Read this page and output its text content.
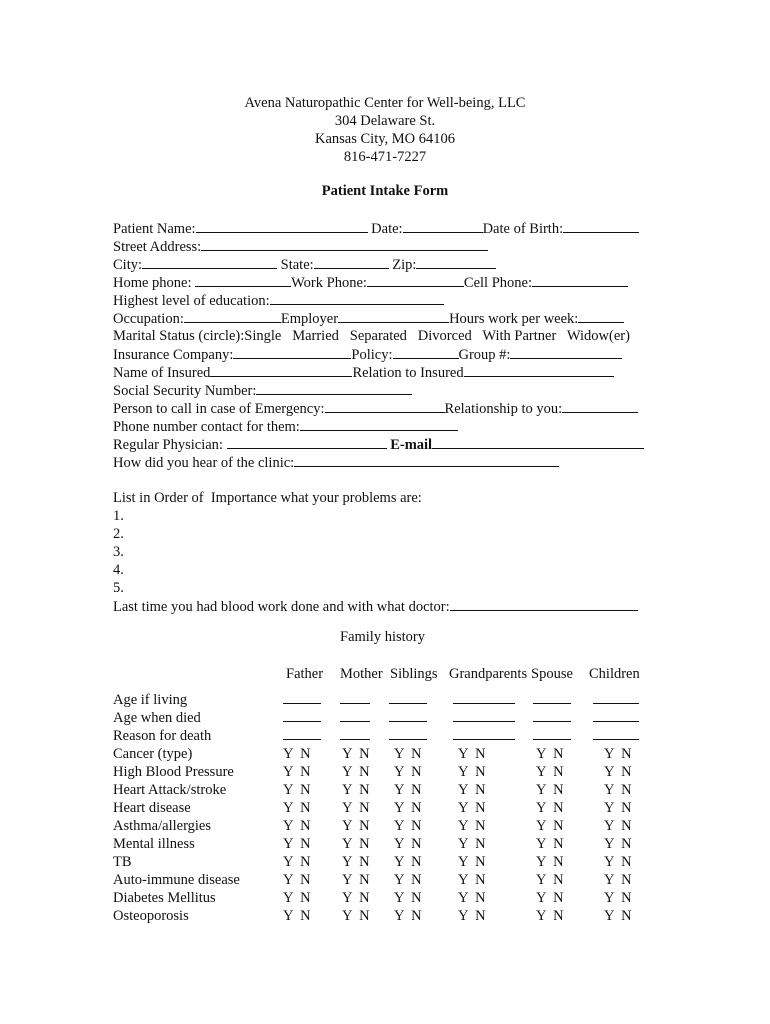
Avena Naturopathic Center for Well-being, LLC
304 Delaware St.
Kansas City, MO 64106
816-471-7227
Patient Intake Form
Patient Name:	Date:	Date of Birth:
Street Address:
City:	State:	Zip:
Home phone:	Work Phone:	Cell Phone:
Highest level of education:
Occupation:	Employer	Hours work per week:
Marital Status (circle):Single   Married   Separated   Divorced   With Partner   Widow(er)
Insurance Company:	Policy:	Group #:
Name of Insured	Relation to Insured
Social Security Number:
Person to call in case of Emergency:	Relationship to you:
Phone number contact for them:
Regular Physician:	E-mail
How did you hear of the clinic:
List in Order of  Importance what your problems are:
1.
2.
3.
4.
5.
Last time you had blood work done and with what doctor:
Family history
Father Mother Siblings Grandparents Spouse Children
Age if living
Age when died
Reason for death
Cancer (type)	Y  N Y  N Y  N	Y  N	Y  N	Y  N
High Blood Pressure	Y  N Y  N Y  N	Y  N	Y  N	Y  N
Heart Attack/stroke	Y  N Y  N Y  N	Y  N	Y  N	Y  N
Heart disease	Y  N Y  N Y  N	Y  N	Y  N	Y  N
Asthma/allergies	Y  N Y  N Y  N	Y  N	Y  N	Y  N
Mental illness	Y  N Y  N Y  N	Y  N	Y  N	Y  N
TB	Y  N Y  N Y  N	Y  N	Y  N	Y  N
Auto-immune disease	Y  N Y  N Y  N	Y  N	Y  N	Y  N
Diabetes Mellitus	Y  N Y  N Y  N	Y  N	Y  N	Y  N
Osteoporosis	Y  N Y  N Y  N	Y  N	Y  N	Y  N
